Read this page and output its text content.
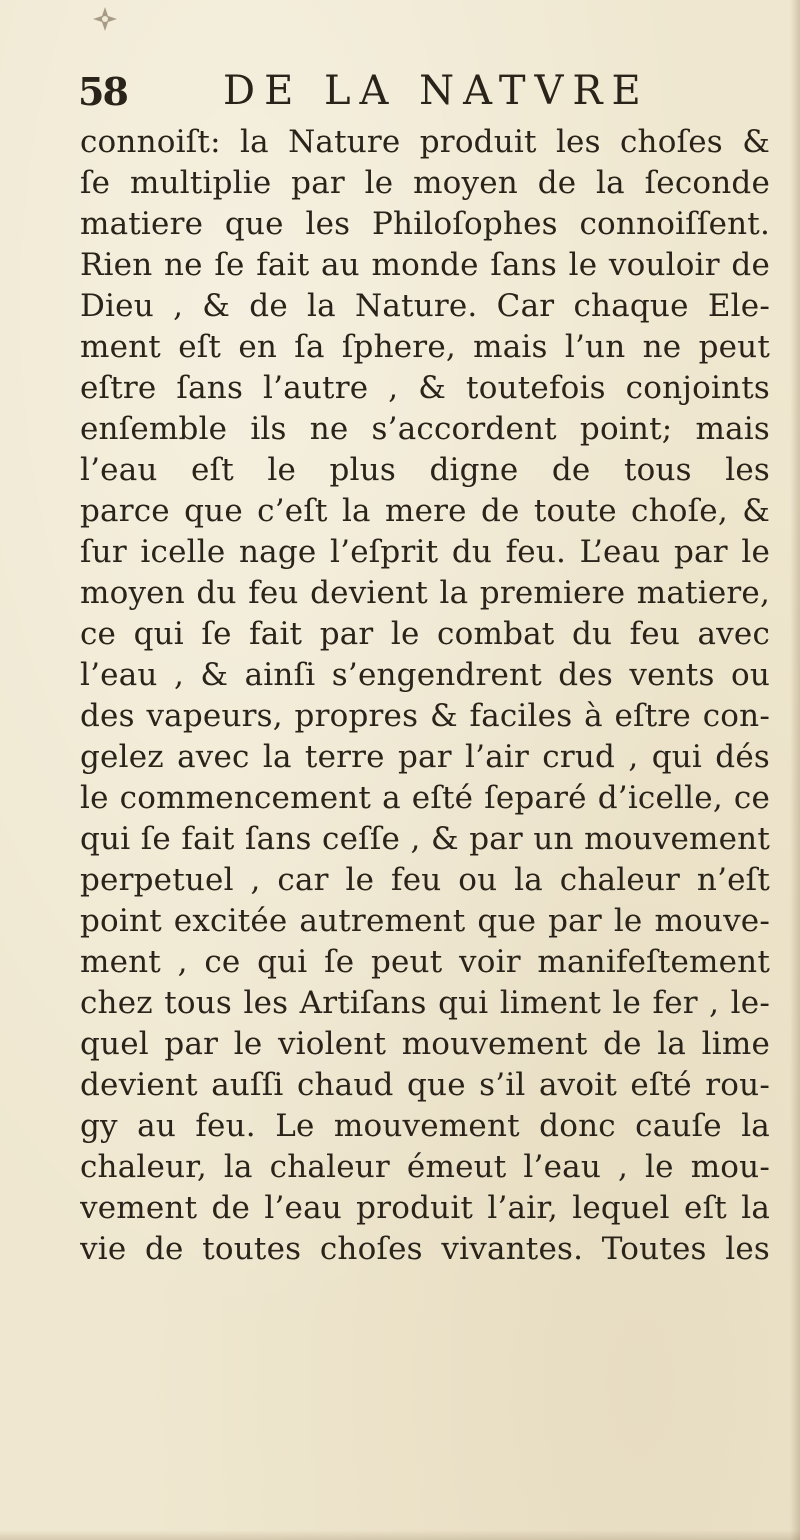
58 DE LA NATVRE
connoiſt: la Nature produit les choſes &
ſe multiplie par le moyen de la ſeconde
matiere que les Philoſophes connoiſſent.
Rien ne ſe fait au monde ſans le vouloir de
Dieu , & de la Nature. Car chaque Ele-
ment eſt en ſa ſphere, mais l’un ne peut
eſtre ſans l’autre , & toutefois conjoints
enſemble ils ne s’accordent point; mais
l’eau eſt le plus digne de tous les
parce que c’eſt la mere de toute choſe, &
ſur icelle nage l’eſprit du feu. L’eau par le
moyen du feu devient la premiere matiere,
ce qui ſe fait par le combat du feu avec
l’eau , & ainſi s’engendrent des vents ou
des vapeurs, propres & faciles à eſtre con-
gelez avec la terre par l’air crud , qui dés
le commencement a eſté ſeparé d’icelle, ce
qui ſe fait ſans ceſſe , & par un mouvement
perpetuel , car le feu ou la chaleur n’eſt
point excitée autrement que par le mouve-
ment , ce qui ſe peut voir manifeſtement
chez tous les Artiſans qui liment le fer , le-
quel par le violent mouvement de la lime
devient auſſi chaud que s’il avoit eſté rou-
gy au feu. Le mouvement donc cauſe la
chaleur, la chaleur émeut l’eau , le mou-
vement de l’eau produit l’air, lequel eſt la
vie de toutes choſes vivantes. Toutes les
